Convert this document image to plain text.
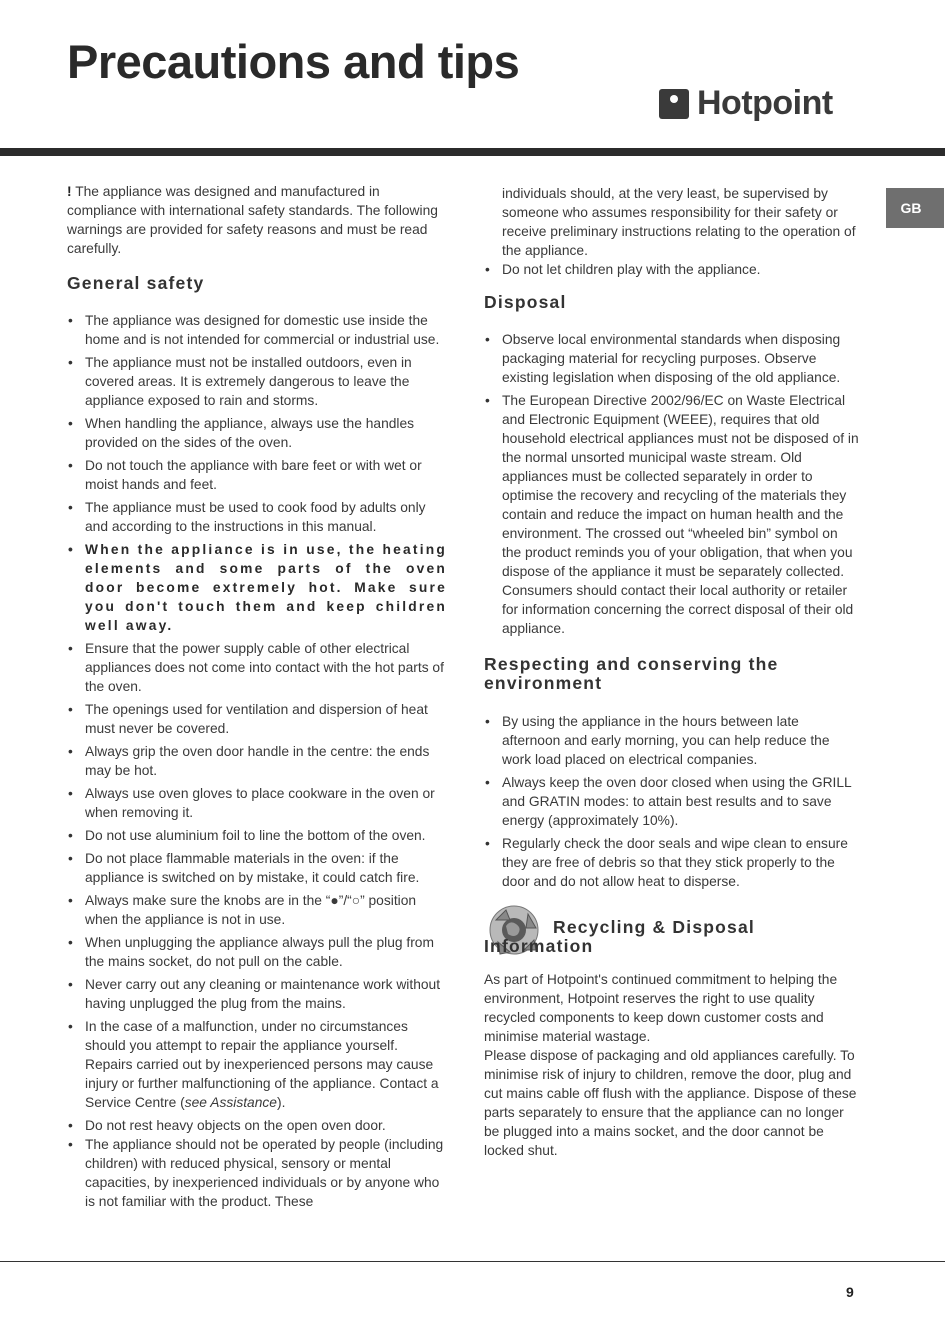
Precautions and tips
Hotpoint
GB

! The appliance was designed and manufactured in compliance with international safety standards. The following warnings are provided for safety reasons and must be read carefully.

General safety
• The appliance was designed for domestic use inside the home and is not intended for commercial or industrial use.
• The appliance must not be installed outdoors, even in covered areas. It is extremely dangerous to leave the appliance exposed to rain and storms.
• When handling the appliance, always use the handles provided on the sides of the oven.
• Do not touch the appliance with bare feet or with wet or moist hands and feet.
• The appliance must be used to cook food by adults only and according to the instructions in this manual.
• When the appliance is in use, the heating elements and some parts of the oven door become extremely hot. Make sure you don't touch them and keep children well away.
• Ensure that the power supply cable of other electrical appliances does not come into contact with the hot parts of the oven.
• The openings used for ventilation and dispersion of heat must never be covered.
• Always grip the oven door handle in the centre: the ends may be hot.
• Always use oven gloves to place cookware in the oven or when removing it.
• Do not use aluminium foil to line the bottom of the oven.
• Do not place flammable materials in the oven: if the appliance is switched on by mistake, it could catch fire.
• Always make sure the knobs are in the “●”/“○” position when the appliance is not in use.
• When unplugging the appliance always pull the plug from the mains socket, do not pull on the cable.
• Never carry out any cleaning or maintenance work without having unplugged the plug from the mains.
• In the case of a malfunction, under no circumstances should you attempt to repair the appliance yourself. Repairs carried out by inexperienced persons may cause injury or further malfunctioning of the appliance. Contact a Service Centre (see Assistance).
• Do not rest heavy objects on the open oven door.
• The appliance should not be operated by people (including children) with reduced physical, sensory or mental capacities, by inexperienced individuals or by anyone who is not familiar with the product. These

individuals should, at the very least, be supervised by someone who assumes responsibility for their safety or receive preliminary instructions relating to the operation of the appliance.

• Do not let children play with the appliance.
Disposal
• Observe local environmental standards when disposing packaging material for recycling purposes. Observe existing legislation when disposing of the old appliance.
• The European Directive 2002/96/EC on Waste Electrical and Electronic Equipment (WEEE), requires that old household electrical appliances must not be disposed of in the normal unsorted municipal waste stream. Old appliances must be collected separately in order to optimise the recovery and recycling of the materials they contain and reduce the impact on human health and the environment. The crossed out “wheeled bin” symbol on the product reminds you of your obligation, that when you dispose of the appliance it must be separately collected.
Consumers should contact their local authority or retailer for information concerning the correct disposal of their old appliance.
Respecting and conserving the environment
• By using the appliance in the hours between late afternoon and early morning, you can help reduce the work load placed on electrical companies.
• Always keep the oven door closed when using the GRILL and GRATIN modes: to attain best results and to save energy (approximately 10%).
• Regularly check the door seals and wipe clean to ensure they are free of debris so that they stick properly to the door and do not allow heat to disperse.
Recycling & Disposal Information

As part of Hotpoint's continued commitment to helping the environment, Hotpoint reserves the right to use quality recycled components to keep down customer costs and minimise material wastage.

Please dispose of packaging and old appliances carefully. To minimise risk of injury to children, remove the door, plug and cut mains cable off flush with the appliance. Dispose of these parts separately to ensure that the appliance can no longer be plugged into a mains socket, and the door cannot be locked shut.

9
